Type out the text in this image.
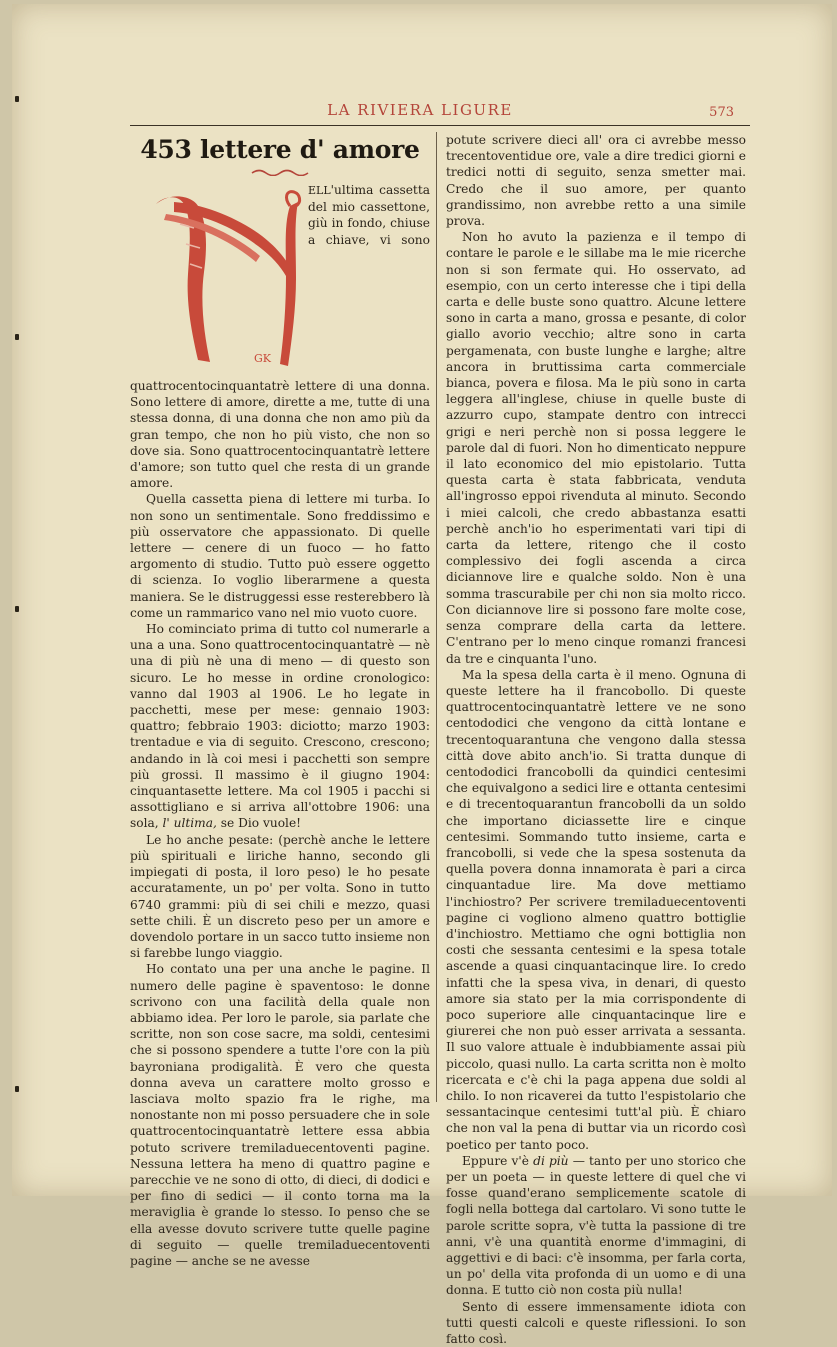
LA RIVIERA LIGURE	573
453 lettere d' amore
GK

ELL'ultima cassetta del mio cassettone, giù in fondo, chiuse a chiave, vi sono quattrocentocinquantatrè lettere di una donna. Sono lettere di amore, dirette a me, tutte di una stessa donna, di una donna che non amo più da gran tempo, che non ho più visto, che non so dove sia. Sono quattrocentocinquantatrè lettere d'amore; son tutto quel che resta di un grande amore.

Quella cassetta piena di lettere mi turba. Io non sono un sentimentale. Sono freddissimo e più osservatore che appassionato. Di quelle lettere — cenere di un fuoco — ho fatto argomento di studio. Tutto può essere oggetto di scienza. Io voglio liberarmene a questa maniera. Se le distruggessi esse resterebbero là come un rammarico vano nel mio vuoto cuore.

Ho cominciato prima di tutto col numerarle a una a una. Sono quattrocentocinquantatrè — nè una di più nè una di meno — di questo son sicuro. Le ho messe in ordine cronologico: vanno dal 1903 al 1906. Le ho legate in pacchetti, mese per mese: gennaio 1903: quattro; febbraio 1903: diciotto; marzo 1903: trentadue e via di seguito. Crescono, crescono; andando in là coi mesi i pacchetti son sempre più grossi. Il massimo è il giugno 1904: cinquantasette lettere. Ma col 1905 i pacchi si assottigliano e si arriva all'ottobre 1906: una sola, l' ultima, se Dio vuole!

Le ho anche pesate: (perchè anche le lettere più spirituali e liriche hanno, secondo gli impiegati di posta, il loro peso) le ho pesate accuratamente, un po' per volta. Sono in tutto 6740 grammi: più di sei chili e mezzo, quasi sette chili. È un discreto peso per un amore e dovendolo portare in un sacco tutto insieme non si farebbe lungo viaggio.

Ho contato una per una anche le pagine. Il numero delle pagine è spaventoso: le donne scrivono con una facilità della quale non abbiamo idea. Per loro le parole, sia parlate che scritte, non son cose sacre, ma soldi, centesimi che si possono spendere a tutte l'ore con la più bayroniana prodigalità. È vero che questa donna aveva un carattere molto grosso e lasciava molto spazio fra le righe, ma nonostante non mi posso persuadere che in sole quattrocentocinquantatrè lettere essa abbia potuto scrivere tremiladuecentoventi pagine. Nessuna lettera ha meno di quattro pagine e parecchie ve ne sono di otto, di dieci, di dodici e per fino di sedici — il conto torna ma la meraviglia è grande lo stesso. Io penso che se ella avesse dovuto scrivere tutte quelle pagine di seguito — quelle tremiladuecentoventi pagine — anche se ne avesse

potute scrivere dieci all' ora ci avrebbe messo trecentoventidue ore, vale a dire tredici giorni e tredici notti di seguito, senza smetter mai. Credo che il suo amore, per quanto grandissimo, non avrebbe retto a una simile prova.

Non ho avuto la pazienza e il tempo di contare le parole e le sillabe ma le mie ricerche non si son fermate qui. Ho osservato, ad esempio, con un certo interesse che i tipi della carta e delle buste sono quattro. Alcune lettere sono in carta a mano, grossa e pesante, di color giallo avorio vecchio; altre sono in carta pergamenata, con buste lunghe e larghe; altre ancora in bruttissima carta commerciale bianca, povera e filosa. Ma le più sono in carta leggera all'inglese, chiuse in quelle buste di azzurro cupo, stampate dentro con intrecci grigi e neri perchè non si possa leggere le parole dal di fuori. Non ho dimenticato neppure il lato economico del mio epistolario. Tutta questa carta è stata fabbricata, venduta all'ingrosso eppoi rivenduta al minuto. Secondo i miei calcoli, che credo abbastanza esatti perchè anch'io ho esperimentati vari tipi di carta da lettere, ritengo che il costo complessivo dei fogli ascenda a circa diciannove lire e qualche soldo. Non è una somma trascurabile per chi non sia molto ricco. Con diciannove lire si possono fare molte cose, senza comprare della carta da lettere. C'entrano per lo meno cinque romanzi francesi da tre e cinquanta l'uno.

Ma la spesa della carta è il meno. Ognuna di queste lettere ha il francobollo. Di queste quattrocentocinquantatrè lettere ve ne sono centododici che vengono da città lontane e trecentoquarantuna che vengono dalla stessa città dove abito anch'io. Si tratta dunque di centododici francobolli da quindici centesimi che equivalgono a sedici lire e ottanta centesimi e di trecentoquarantun francobolli da un soldo che importano diciassette lire e cinque centesimi. Sommando tutto insieme, carta e francobolli, si vede che la spesa sostenuta da quella povera donna innamorata è pari a circa cinquantadue lire. Ma dove mettiamo l'inchiostro? Per scrivere tremiladuecentoventi pagine ci vogliono almeno quattro bottiglie d'inchiostro. Mettiamo che ogni bottiglia non costi che sessanta centesimi e la spesa totale ascende a quasi cinquantacinque lire. Io credo infatti che la spesa viva, in denari, di questo amore sia stato per la mia corrispondente di poco superiore alle cinquantacinque lire e giurerei che non può esser arrivata a sessanta. Il suo valore attuale è indubbiamente assai più piccolo, quasi nullo. La carta scritta non è molto ricercata e c'è chi la paga appena due soldi al chilo. Io non ricaverei da tutto l'espistolario che sessantacinque centesimi tutt'al più. È chiaro che non val la pena di buttar via un ricordo così poetico per tanto poco.

Eppure v'è di più — tanto per uno storico che per un poeta — in queste lettere di quel che vi fosse quand'erano semplicemente scatole di fogli nella bottega dal cartolaro. Vi sono tutte le parole scritte sopra, v'è tutta la passione di tre anni, v'è una quantità enorme d'immagini, di aggettivi e di baci: c'è insomma, per farla corta, un po' della vita profonda di un uomo e di una donna. E tutto ciò non costa più nulla!

Sento di essere immensamente idiota con tutti questi calcoli e queste riflessioni. Io son fatto così.
